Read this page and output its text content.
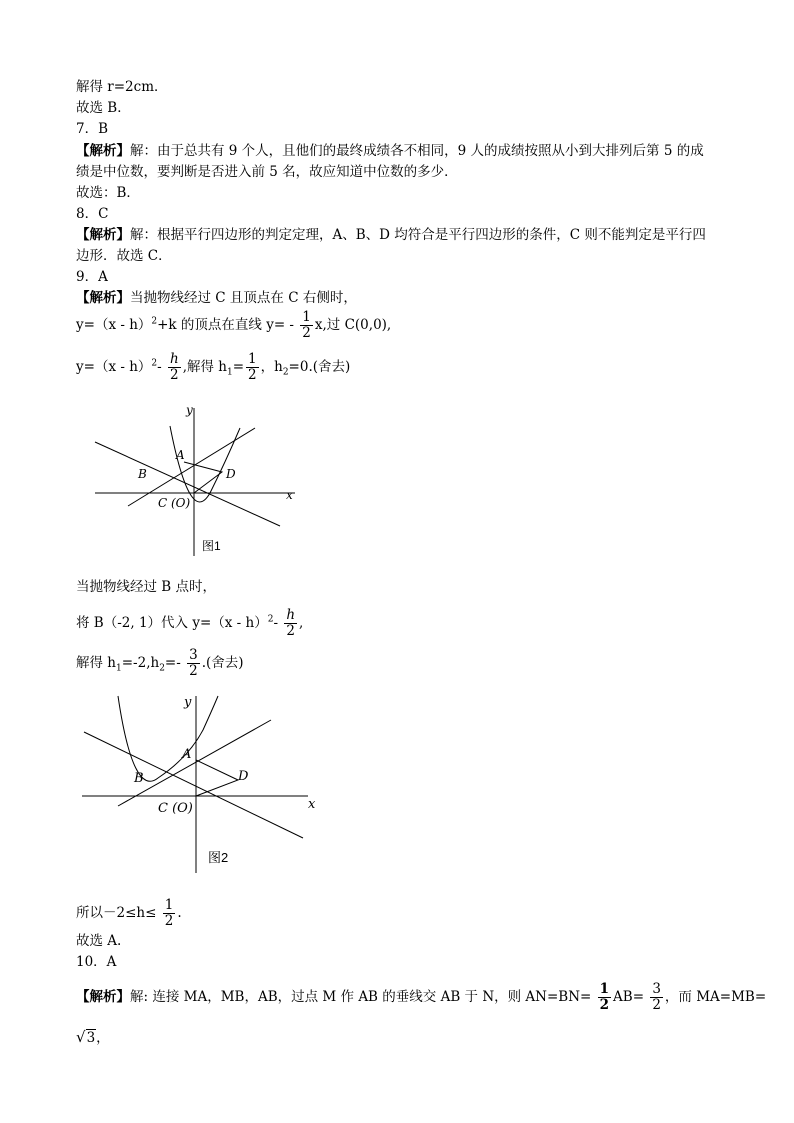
解得 r=2cm．
故选 B．
7．B
【解析】解：由于总共有 9 个人，且他们的最终成绩各不相同，9 人的成绩按照从小到大排列后第 5 的成
绩是中位数，要判断是否进入前 5 名，故应知道中位数的多少．
故选：B．
8．C
【解析】解：根据平行四边形的判定定理，A、B、D 均符合是平行四边形的条件，C 则不能判定是平行四
边形．故选 C．
9．A
【解析】当抛物线经过 C 且顶点在 C 右侧时，
y=（x - h）$^2$+k 的顶点在直线 $y= - \frac{1}{2} x$,过 C(0,0),
$y=(x - h)^2- \frac{h}{2}$ ,解得 $h_1= \frac{1}{2}$ ，$h_2=0$.(舍去)
y
x
A
B	D
C (O)
图1
当抛物线经过 B 点时，
将 B（-2, 1）代入 $y=(x - h)^2- \frac{h}{2}$ ,
解得 $h_1=-2,h_2=- \frac{3}{2}$ .(舍去)
y
x
A
B	D
C (O)
图2
所以$-2\le h\le \frac{1}{2}$ .
故选 A.
10．A
【解析】解: 连接 MA，MB，AB，过点 M 作 AB 的垂线交 AB 于 N，则 $AN=BN= \frac{1}{2} AB= \frac{3}{2}$ ，而 MA=MB=
√3，
